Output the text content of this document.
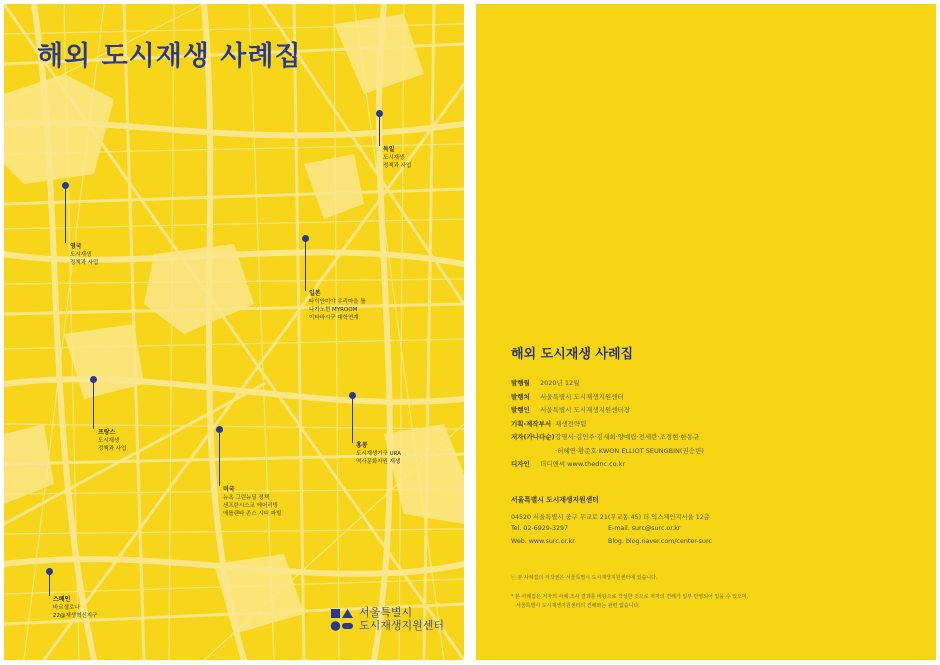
해외 도시재생 사례집
독일
도시재생
정책과 사업
영국
도시재생
정책과 사업
일본
타이안미야 우리마을 툴
나가노현 MYROOM
이타바시구 대학연계
프랑스
도시재생
정책과 사업	홍콩
도시재생기구 URA
역사문화자원 재생
미국
뉴욕 그린뉴딜 정책
샌프란시스코 에어리빙
애틀랜타 존스 시티 파빌
스페인
바르셀로나
22@재생혁신지구	서울특별시
도시재생지원센터
해외 도시재생 사례집
발행월 2020년 12월
발행처 서울특별시 도시재생지원센터
발행인 서울특별시 도시재생지원센터장
기획·제작부서 재생전략팀
저자(가나다순) 강명서·김민주·김새희·양예림·전세란·조경현·한동규
·허혜연·황준호·KWON ELLIOT SEUNGBIN(권승빈)
디자인 더디앤씨 www.thednc.co.kr
서울특별시 도시재생지원센터
04520 서울특별시 중구 무교로 21(무교동 45) 더 익스체인지서울 12층
Tel. 02-6929-3297	E-mail. surc@surc.or.kr
Web. www.surc.or.kr	Blog. blog.naver.com/center-surc
ⓒ 본 사례집의 저작권은 서울특별시 도시재생지원센터에 있습니다.

* 본 사례집은 저자의 사례 조사 결과를 바탕으로 작성한 것으로 저자의 견해가 일부 반영되어 있을 수 있으며,
서울특별시 도시재생지원센터의 견해와는 관련 없습니다.
